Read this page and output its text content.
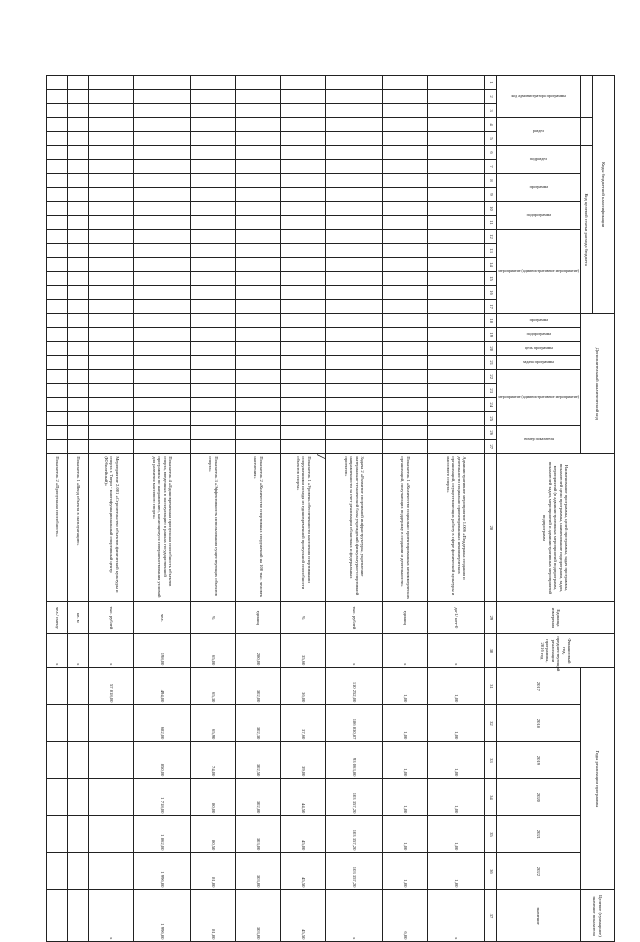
7
Коды бюджетной классификации																	Дополнительный аналитический код										Наименование программы, целей программы, задач программы, показателей цели программы, наименование подпрограмм, задач, мероприятий (в административных мероприятий подпрограмм, показателей задач, мероприятий и административных мероприятий подпрограмм	Единица измерения	Финансовый год, предшествующий реализации программы, 2016 год	Годы реализации программы						Целевое (суммарное) значение показателя
					Код целевой статьи расхода бюджета																															

код администратора программы			раздел		подраздел		программа		подпрограмма		мероприятие (административное мероприятие)						программа	подпрограмма	цель программы	задача программы	мероприятие (административное мероприятие)				номер показателя					2017	2018	2019	2020	2021	2022	значение
1	2	3	4	5	6	7	8	9	10	11	12	13	14	15	16	17	18	19	20	21	22	23	24	25	26	27	28	29	30	31	32	33	34	35	36	37
																											Административное мероприятие 1.006 «Поддержка создания и деятельности социально ориентированных некоммерческих организаций, осуществляющих работу в сфере физической культуры и массового спорта»	да-1/ нет-0	x	1,00	1,00	1,00	1,00	1,00	1,00	x
																											Показатель 1 «Количество социально ориентированных некоммерческих организаций, получающих поддержку в создании и деятельности»	единиц	x	1,00	1,00	1,00	1,00	1,00	1,00	6,00
																											Задача 2 «Развитие спортивной инфраструктуры, укрепление материально-технической базы учреждений физкультурно-спортивной направленности за счет реализации областных и федеральных проектов»	тыс. рублей	x	110 252,00	186 830,87	93 063,80	103 357,20	103 357,20	103 357,20	x
																											Показатель 1 «Уровень обеспеченности населения спортивными сооружениями исходя из единовременной пропускной способности объектов спорта»	%	35,60	36,00	37,60	39,00	44,50	45,00	45,50	45,50
																											Показатель 2 «Количество спортивных сооружений на 100 тыс. человек населения»	единиц	280,00	302,00	302,30	302,50	302,80	303,00	303,00	303,00
																											Показатель 3 «Эффективность использования существующих объектов спорта»	%	65,00	65,30	65,90	74,00	80,00	80,50	81,00	81,00
																											Показатель 4 «Единовременная пропускная способность объектов спорта, введенных в эксплуатацию в рамках государственной программы по направлению, касающемуся совершенствования условий для развития массового спорта»	чел.	198,00	494,00	682,00	850,00	1 718,00	1 862,00	1 996,00	1 996,00
																											Мероприятие 2.001 «Строительство объектов физической культуры и спорта г. Твери - многофункциональный спортивный центр (Юбилейный)»	тыс. рублей	x	57 818,00						x
																											Показатель 1 «Ввод объекта в эксплуатацию»	кв. м	x							
																											Показатель 2 «Пропускная способность»	чел./ смену	x							
